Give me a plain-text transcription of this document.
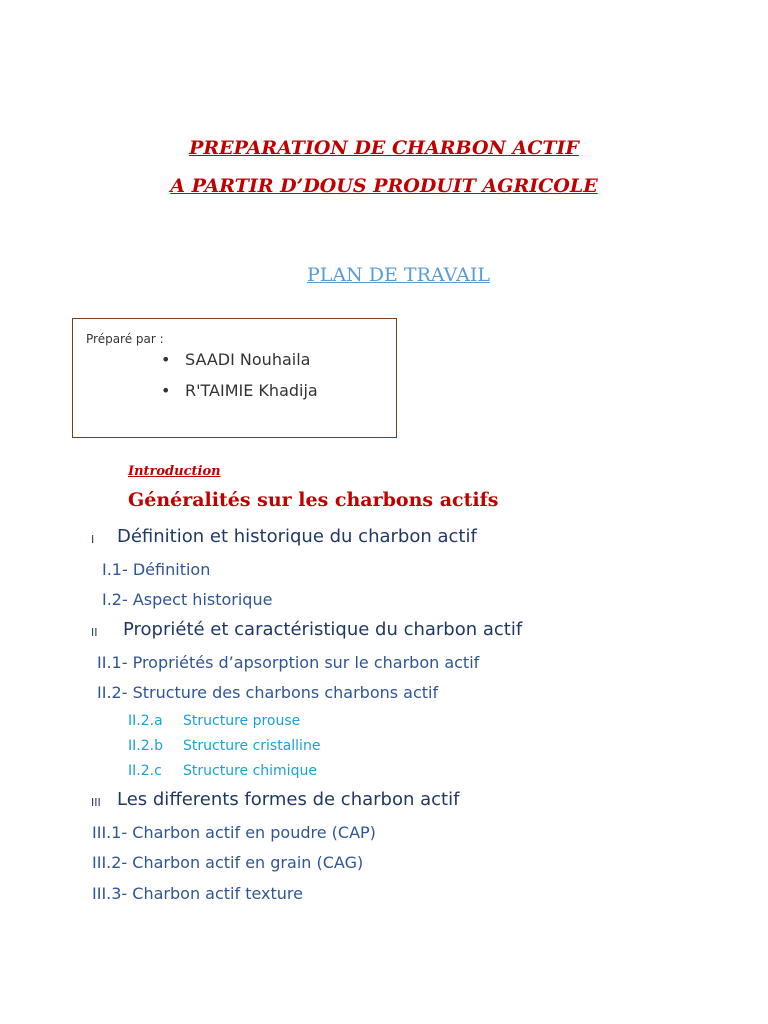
PREPARATION DE CHARBON ACTIF
A PARTIR D’DOUS PRODUIT AGRICOLE
PLAN DE TRAVAIL
Préparé par :
• SAADI Nouhaila
• R'TAIMIE Khadija
Introduction
Généralités sur les charbons actifs
I Définition et historique du charbon actif
I.1- Définition
I.2- Aspect historique
II Propriété et caractéristique du charbon actif
II.1- Propriétés d’apsorption sur le charbon actif
II.2- Structure des charbons charbons actif
II.2.a Structure prouse
II.2.b Structure cristalline
II.2.c Structure chimique
III Les differents formes de charbon actif
III.1- Charbon actif en poudre (CAP)
III.2- Charbon actif en grain (CAG)
III.3- Charbon actif texture
